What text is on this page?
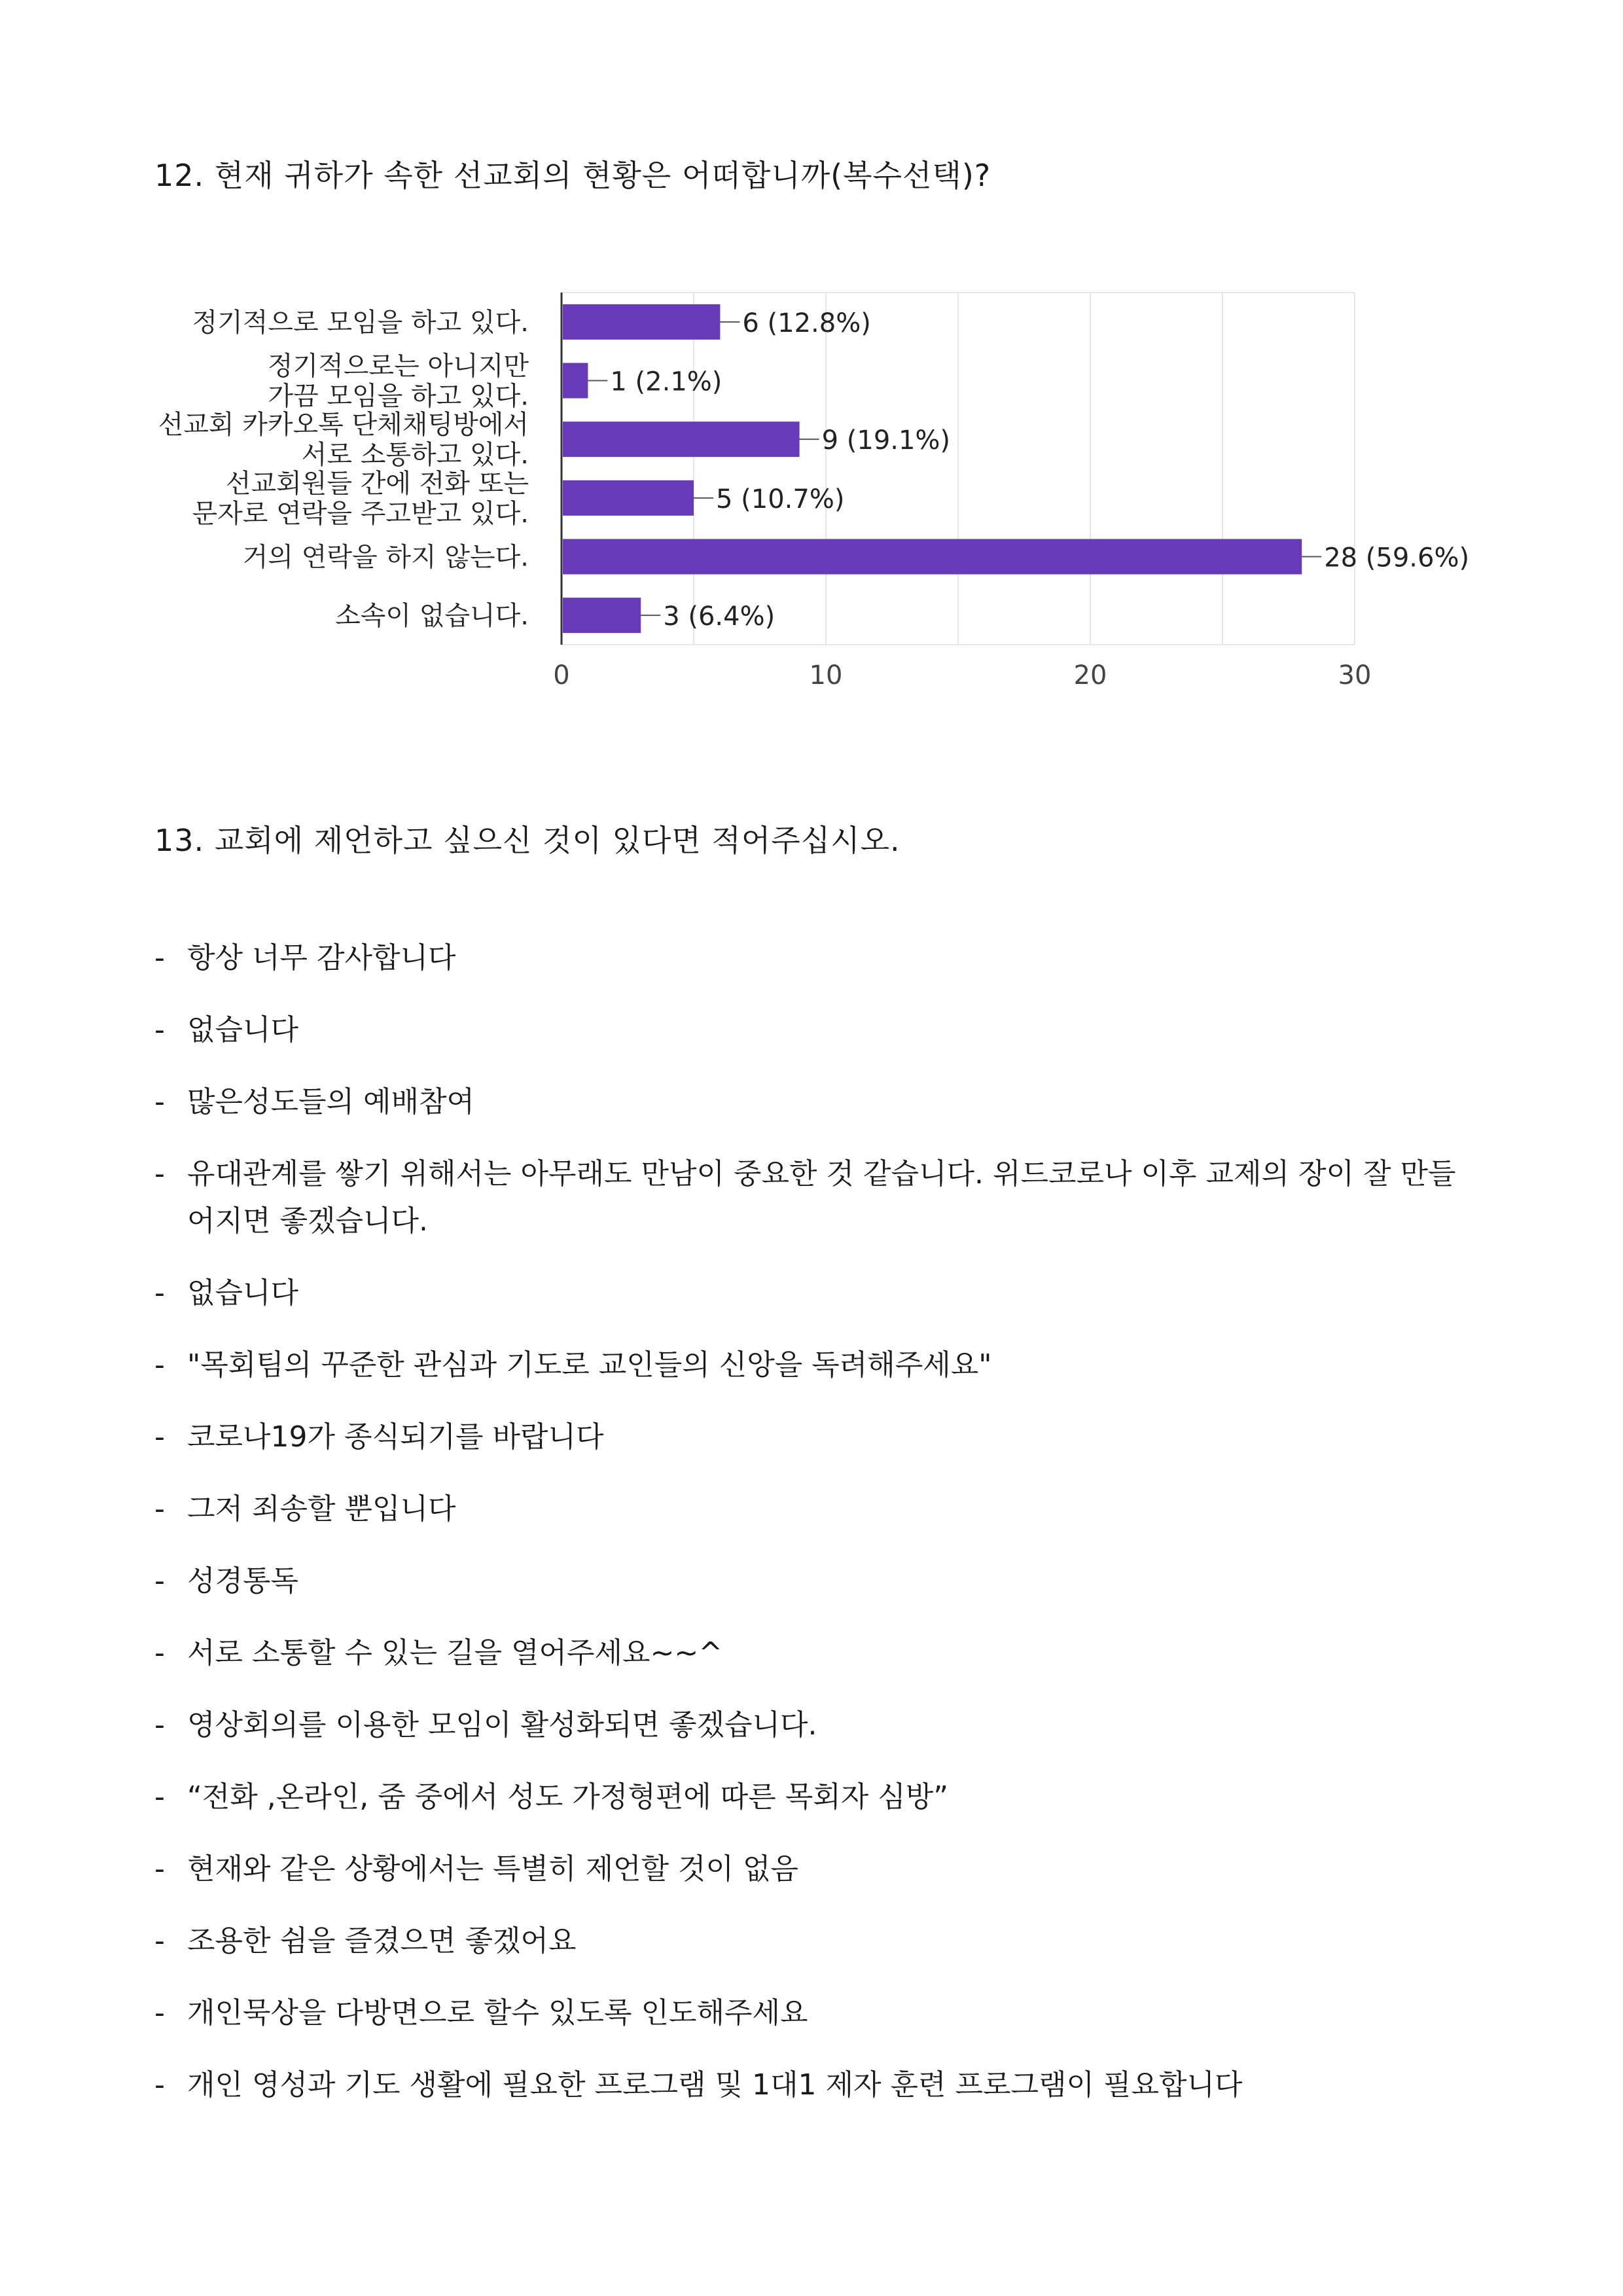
12. 현재 귀하가 속한 선교회의 현황은 어떠합니까(복수선택)?
6 (12.8%)
1 (2.1%)
9 (19.1%)
5 (10.7%)
28 (59.6%)
3 (6.4%)
정기적으로 모임을 하고 있다.
정기적으로는 아니지만
가끔 모임을 하고 있다.
선교회 카카오톡 단체채팅방에서
서로 소통하고 있다.
선교회원들 간에 전화 또는
문자로 연락을 주고받고 있다.
거의 연락을 하지 않는다.
소속이 없습니다.
0	10	20	30
13. 교회에 제언하고 싶으신 것이 있다면 적어주십시오.
- 항상 너무 감사합니다
- 없습니다
- 많은성도들의 예배참여
- 유대관계를 쌓기 위해서는 아무래도 만남이 중요한 것 같습니다. 위드코로나 이후 교제의 장이 잘 만들어지면 좋겠습니다.
- 없습니다
- "목회팀의 꾸준한 관심과 기도로 교인들의 신앙을 독려해주세요"
- 코로나19가 종식되기를 바랍니다
- 그저 죄송할 뿐입니다
- 성경통독
- 서로 소통할 수 있는 길을 열어주세요~~^
- 영상회의를 이용한 모임이 활성화되면 좋겠습니다.
- “전화 ,온라인, 줌 중에서 성도 가정형편에 따른 목회자 심방”
- 현재와 같은 상황에서는 특별히 제언할 것이 없음
- 조용한 쉼을 즐겼으면 좋겠어요
- 개인묵상을 다방면으로 할수 있도록 인도해주세요
- 개인 영성과 기도 생활에 필요한 프로그램 및 1대1 제자 훈련 프로그램이 필요합니다
